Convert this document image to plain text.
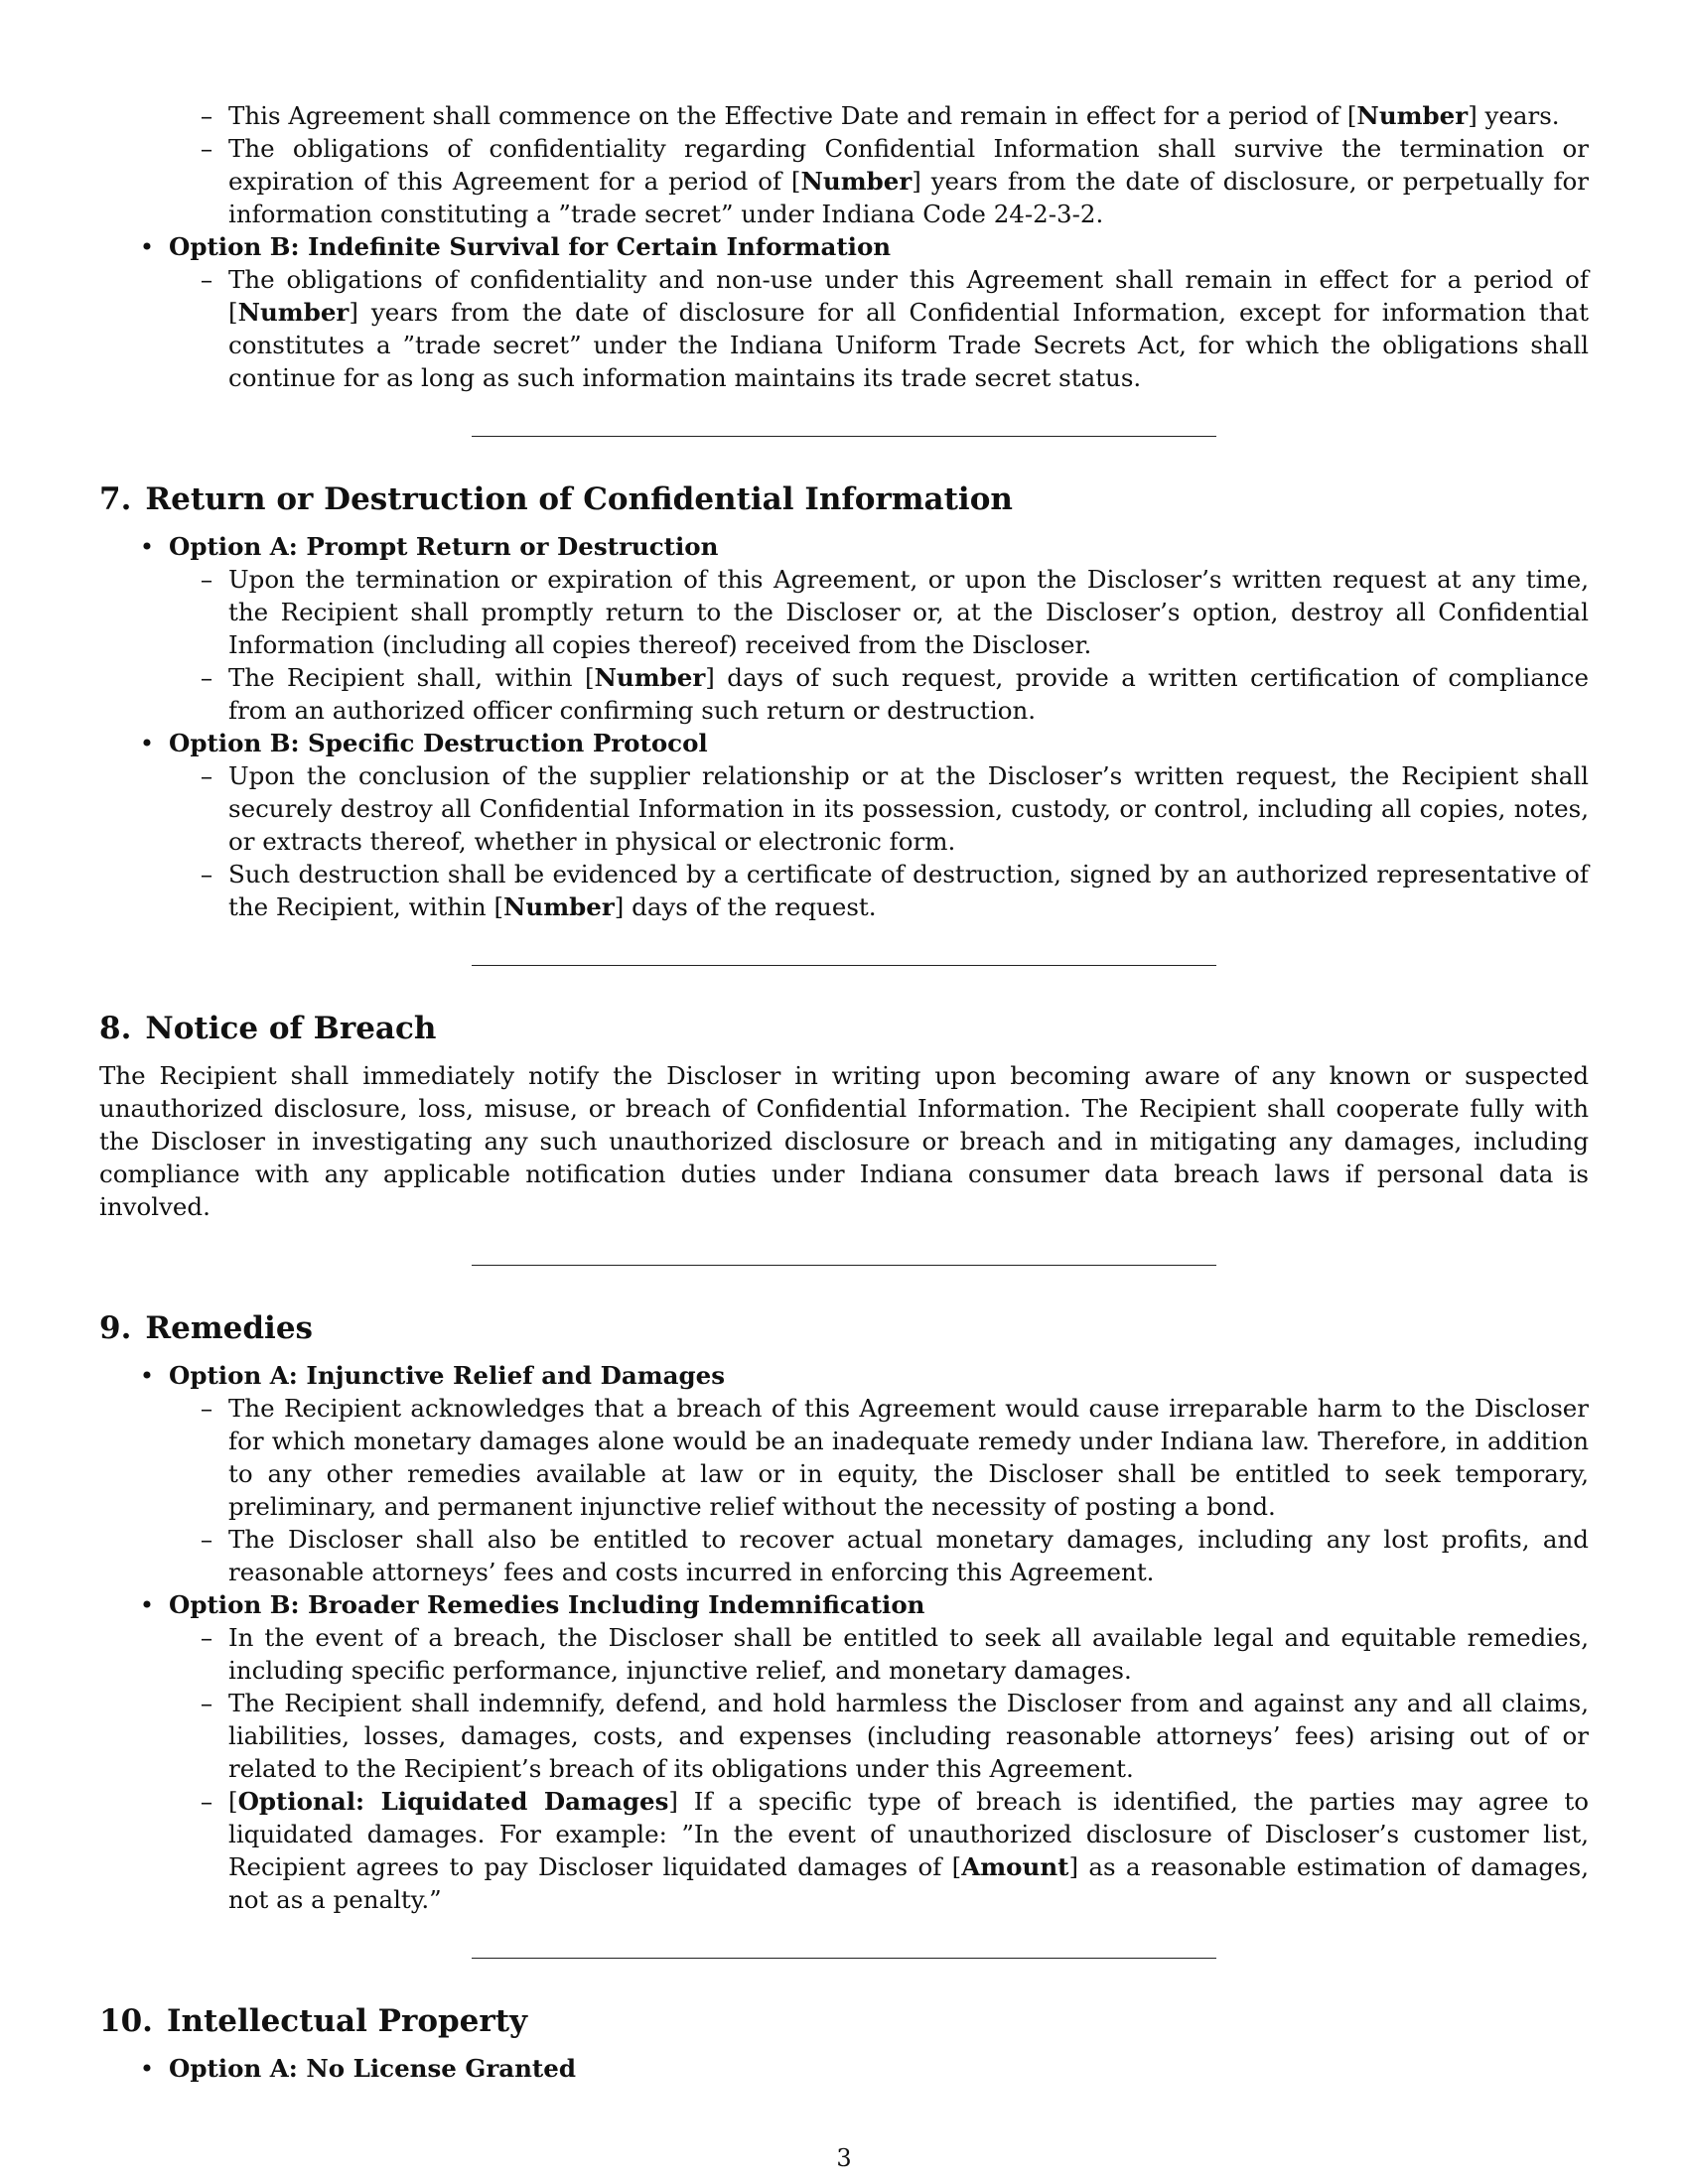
– This Agreement shall commence on the Effective Date and remain in effect for a period of [Number] years.
– The obligations of confidentiality regarding Confidential Information shall survive the termination or expiration of this Agreement for a period of [Number] years from the date of disclosure, or perpetually for information constituting a ”trade secret” under Indiana Code 24-2-3-2.
• Option B: Indefinite Survival for Certain Information
– The obligations of confidentiality and non-use under this Agreement shall remain in effect for a period of [Number] years from the date of disclosure for all Confidential Information, except for information that constitutes a ”trade secret” under the Indiana Uniform Trade Secrets Act, for which the obligations shall continue for as long as such information maintains its trade secret status.
7. Return or Destruction of Confidential Information
• Option A: Prompt Return or Destruction
– Upon the termination or expiration of this Agreement, or upon the Discloser’s written request at any time, the Recipient shall promptly return to the Discloser or, at the Discloser’s option, destroy all Confidential Information (including all copies thereof) received from the Discloser.
– The Recipient shall, within [Number] days of such request, provide a written certification of compliance from an authorized officer confirming such return or destruction.
• Option B: Specific Destruction Protocol
– Upon the conclusion of the supplier relationship or at the Discloser’s written request, the Recipient shall securely destroy all Confidential Information in its possession, custody, or control, including all copies, notes, or extracts thereof, whether in physical or electronic form.
– Such destruction shall be evidenced by a certificate of destruction, signed by an authorized representative of the Recipient, within [Number] days of the request.
8. Notice of Breach

The Recipient shall immediately notify the Discloser in writing upon becoming aware of any known or suspected unauthorized disclosure, loss, misuse, or breach of Confidential Information. The Recipient shall cooperate fully with the Discloser in investigating any such unauthorized disclosure or breach and in mitigating any damages, including compliance with any applicable notification duties under Indiana consumer data breach laws if personal data is involved.

9. Remedies
• Option A: Injunctive Relief and Damages
– The Recipient acknowledges that a breach of this Agreement would cause irreparable harm to the Discloser for which monetary damages alone would be an inadequate remedy under Indiana law. Therefore, in addition to any other remedies available at law or in equity, the Discloser shall be entitled to seek temporary, preliminary, and permanent injunctive relief without the necessity of posting a bond.
– The Discloser shall also be entitled to recover actual monetary damages, including any lost profits, and reasonable attorneys’ fees and costs incurred in enforcing this Agreement.
• Option B: Broader Remedies Including Indemnification
– In the event of a breach, the Discloser shall be entitled to seek all available legal and equitable remedies, including specific performance, injunctive relief, and monetary damages.
– The Recipient shall indemnify, defend, and hold harmless the Discloser from and against any and all claims, liabilities, losses, damages, costs, and expenses (including reasonable attorneys’ fees) arising out of or related to the Recipient’s breach of its obligations under this Agreement.
– [Optional: Liquidated Damages] If a specific type of breach is identified, the parties may agree to liquidated damages. For example: ”In the event of unauthorized disclosure of Discloser’s customer list, Recipient agrees to pay Discloser liquidated damages of [Amount] as a reasonable estimation of damages, not as a penalty.”
10. Intellectual Property
• Option A: No License Granted
3
